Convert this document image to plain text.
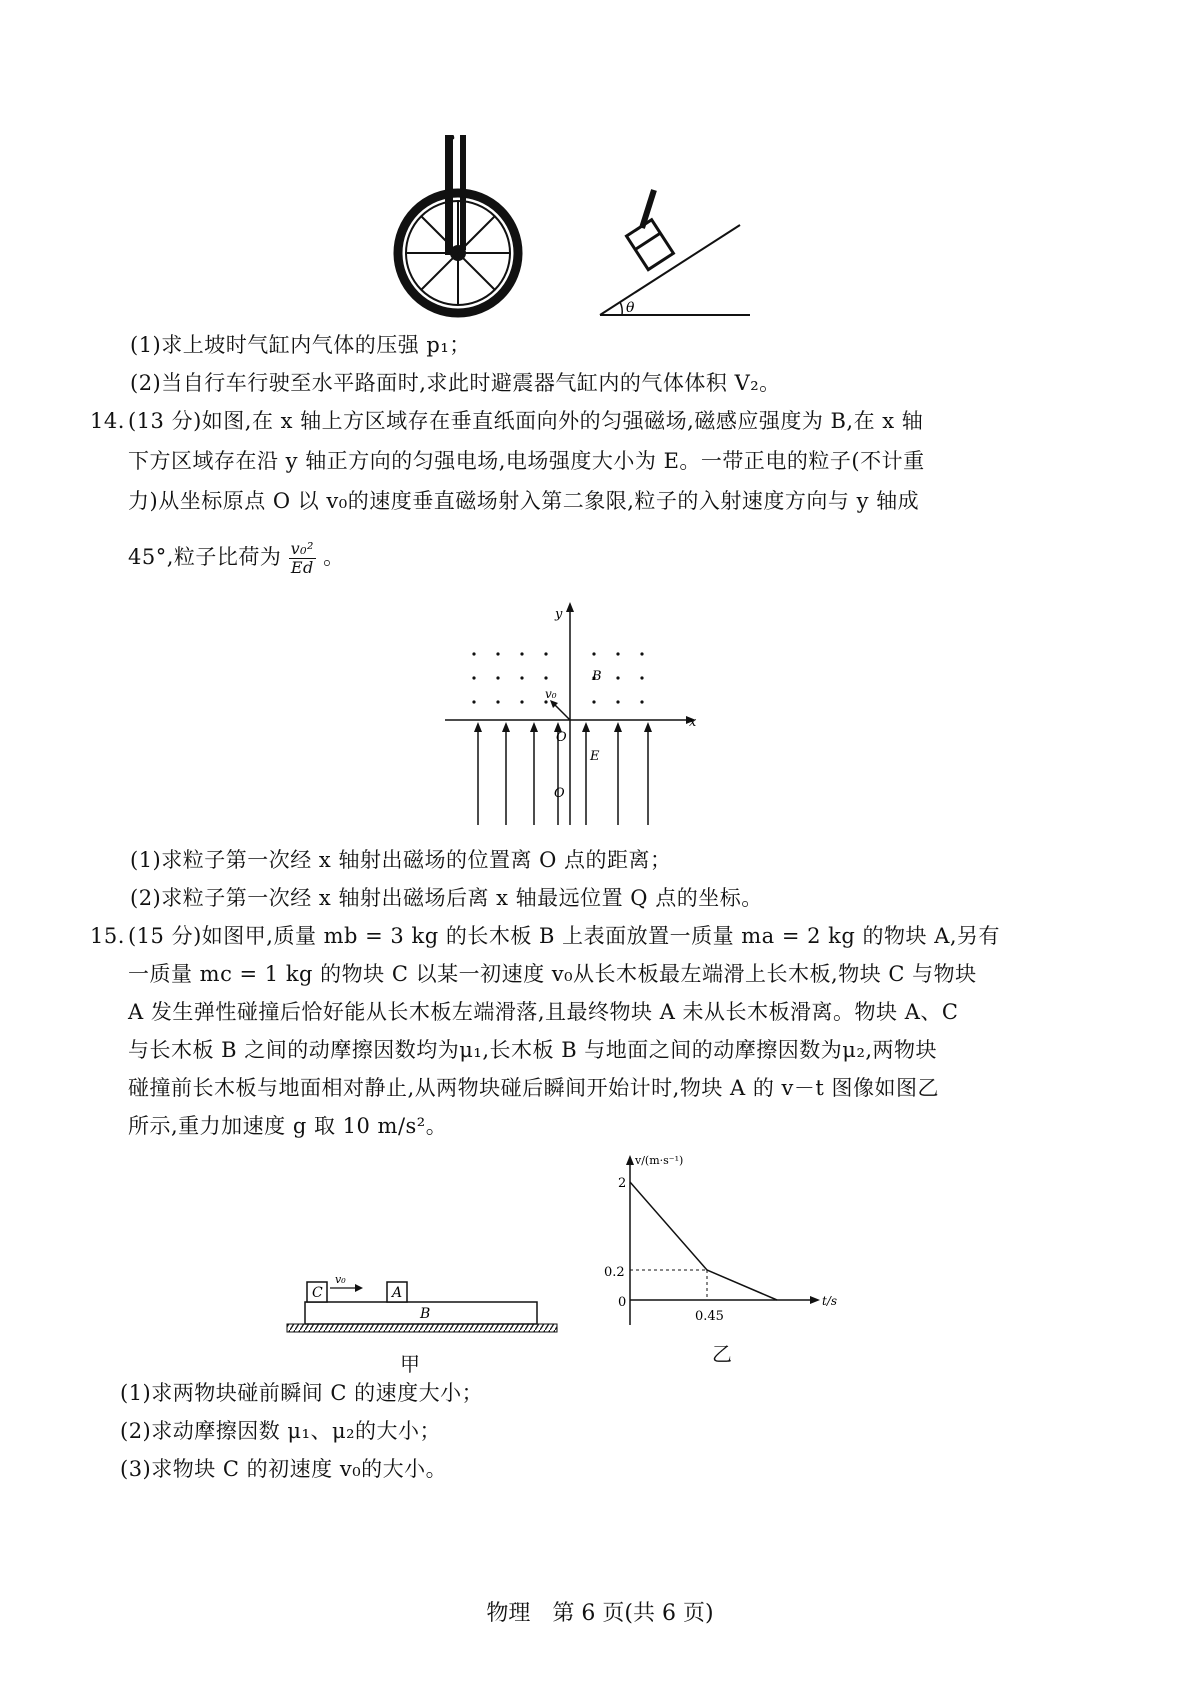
θ
(1)求上坡时气缸内气体的压强 p₁；
(2)当自行车行驶至水平路面时,求此时避震器气缸内的气体体积 V₂。
14. (13 分)如图,在 x 轴上方区域存在垂直纸面向外的匀强磁场,磁感应强度为 B,在 x 轴
下方区域存在沿 y 轴正方向的匀强电场,电场强度大小为 E。一带正电的粒子(不计重
力)从坐标原点 O 以 v₀的速度垂直磁场射入第二象限,粒子的入射速度方向与 y 轴成
45°,粒子比荷为 $\frac{\text{v₀²}}{Ed}$ 。
y
x
B
v₀
O
E
O
(1)求粒子第一次经 x 轴射出磁场的位置离 O 点的距离；
(2)求粒子第一次经 x 轴射出磁场后离 x 轴最远位置 Q 点的坐标。
15. (15 分)如图甲,质量 mb = 3 kg 的长木板 B 上表面放置一质量 ma = 2 kg 的物块 A,另有
一质量 mc = 1 kg 的物块 C 以某一初速度 v₀从长木板最左端滑上长木板,物块 C 与物块
A 发生弹性碰撞后恰好能从长木板左端滑落,且最终物块 A 未从长木板滑离。物块 A、C
与长木板 B 之间的动摩擦因数均为μ₁,长木板 B 与地面之间的动摩擦因数为μ₂,两物块
碰撞前长木板与地面相对静止,从两物块碰后瞬间开始计时,物块 A 的 v－t 图像如图乙
所示,重力加速度 g 取 10 m/s²。
B
C
v₀
A
甲
v/(m·s⁻¹)
t/s
2
0.2
0
0.45
乙
(1)求两物块碰前瞬间 C 的速度大小；
(2)求动摩擦因数 μ₁、μ₂的大小；
(3)求物块 C 的初速度 v₀的大小。
物理　第 6 页(共 6 页)
